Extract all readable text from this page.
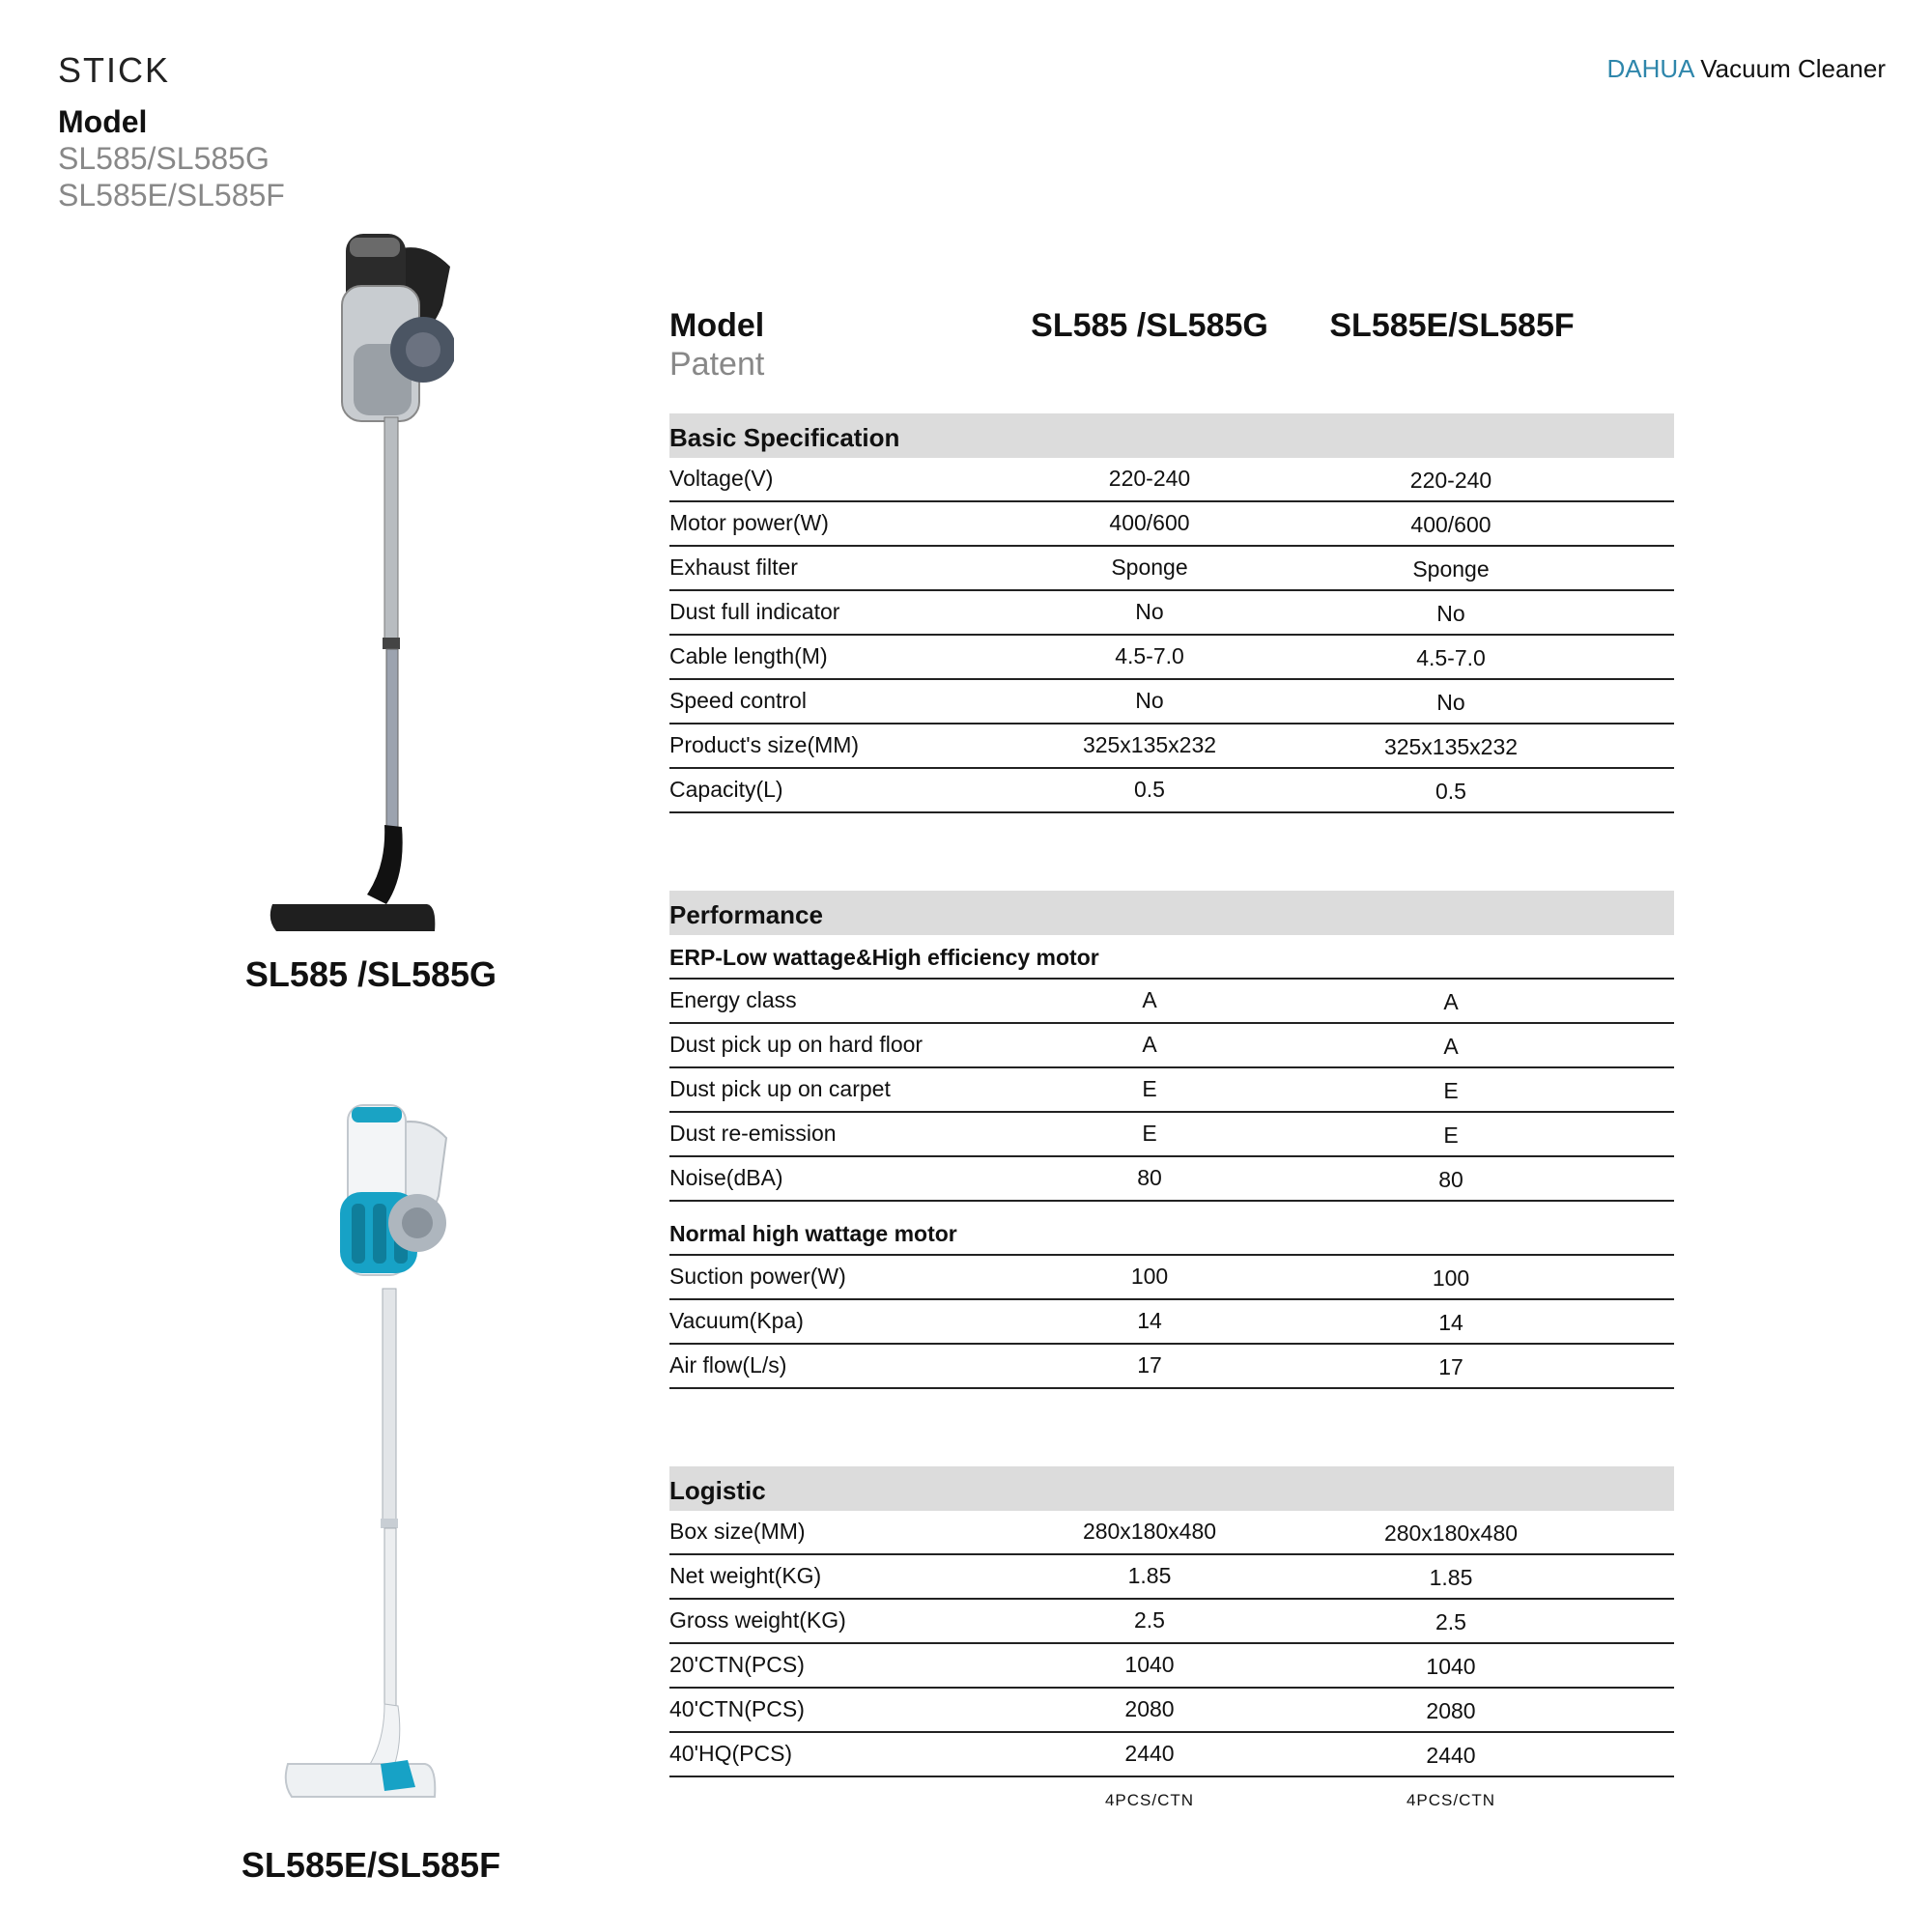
STICK
Model
SL585/SL585G
SL585E/SL585F
DAHUA Vacuum Cleaner
SL585 /SL585G
SL585E/SL585F
Model
Patent
SL585 /SL585G	SL585E/SL585F
Basic Specification
Voltage(V)	220-240	220-240
Motor power(W)	400/600	400/600
Exhaust filter	Sponge	Sponge
Dust full indicator	No	No
Cable length(M)	4.5-7.0	4.5-7.0
Speed control	No	No
Product's size(MM)	325x135x232	325x135x232
Capacity(L)	0.5	0.5
Performance
ERP-Low wattage&High efficiency motor
Energy class	A	A
Dust pick up on hard floor	A	A
Dust pick up on carpet	E	E
Dust re-emission	E	E
Noise(dBA)	80	80
Normal high wattage motor
Suction power(W)	100	100
Vacuum(Kpa)	14	14
Air flow(L/s)	17	17
Logistic
Box size(MM)	280x180x480	280x180x480
Net weight(KG)	1.85	1.85
Gross weight(KG)	2.5	2.5
20'CTN(PCS)	1040	1040
40'CTN(PCS)	2080	2080
40'HQ(PCS)	2440	2440
4PCS/CTN	4PCS/CTN
